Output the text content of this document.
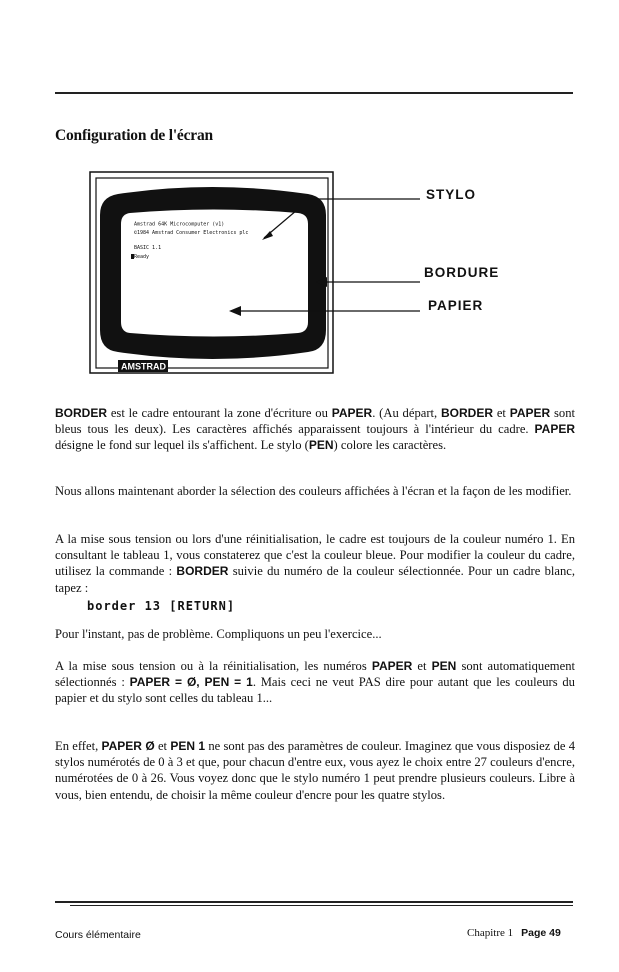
Configuration de l'écran
Amstrad 64K Microcomputer (v1)
©1984 Amstrad Consumer Electronics plc
BASIC 1.1
Ready
AMSTRAD
STYLO
BORDURE
PAPIER
BORDER est le cadre entourant la zone d'écriture ou PAPER. (Au départ, BORDER et PAPER sont bleus tous les deux). Les caractères affichés apparaissent toujours à l'intérieur du cadre. PAPER désigne le fond sur lequel ils s'affichent. Le stylo (PEN) colore les caractères.
Nous allons maintenant aborder la sélection des couleurs affichées à l'écran et la façon de les modifier.
A la mise sous tension ou lors d'une réinitialisation, le cadre est toujours de la couleur numéro 1. En consultant le tableau 1, vous constaterez que c'est la couleur bleue. Pour modifier la couleur du cadre, utilisez la commande : BORDER suivie du numéro de la couleur sélectionnée. Pour un cadre blanc, tapez :
border 13 [RETURN]
Pour l'instant, pas de problème. Compliquons un peu l'exercice...
A la mise sous tension ou à la réinitialisation, les numéros PAPER et PEN sont automatiquement sélectionnés : PAPER = Ø, PEN = 1. Mais ceci ne veut PAS dire pour autant que les couleurs du papier et du stylo sont celles du tableau 1...
En effet, PAPER Ø et PEN 1 ne sont pas des paramètres de couleur. Imaginez que vous disposiez de 4 stylos numérotés de 0 à 3 et que, pour chacun d'entre eux, vous ayez le choix entre 27 couleurs d'encre, numérotées de 0 à 26. Vous voyez donc que le stylo numéro 1 peut prendre plusieurs couleurs. Libre à vous, bien entendu, de choisir la même couleur d'encre pour les quatre stylos.
Cours élémentaire	Chapitre 1 Page 49
